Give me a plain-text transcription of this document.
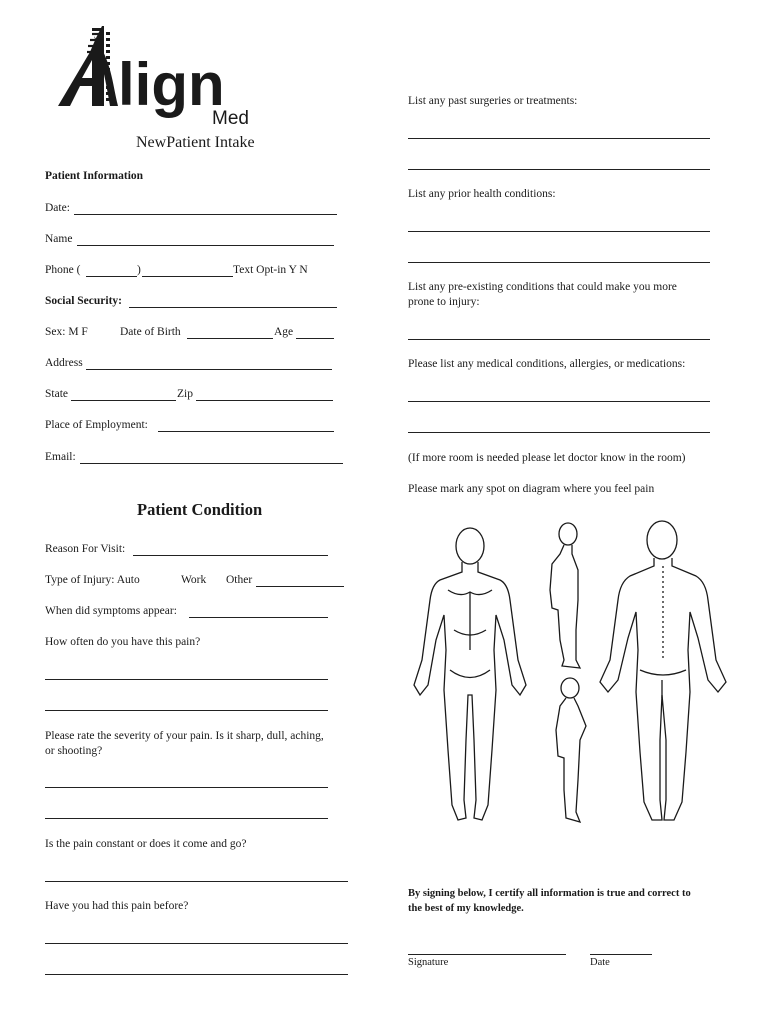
lign
Med
NewPatient Intake
Patient Information
Date:
Name
Phone (	)	Text Opt-in Y N
Social Security:
Sex: M F	Date of Birth	Age
Address
State	Zip
Place of Employment:
Email:
Patient Condition
Reason For Visit:
Type of Injury: Auto	Work Other
When did symptoms appear:
How often do you have this pain?
Please rate the severity of your pain. Is it sharp, dull, aching,
or shooting?
Is the pain constant or does it come and go?
Have you had this pain before?
List any past surgeries or treatments:
List any prior health conditions:
List any pre-existing conditions that could make you more
prone to injury:
Please list any medical conditions, allergies, or medications:
(If more room is needed please let doctor know in the room)
Please mark any spot on diagram where you feel pain
By signing below, I certify all information is true and correct to
the best of my knowledge.
Signature	Date
